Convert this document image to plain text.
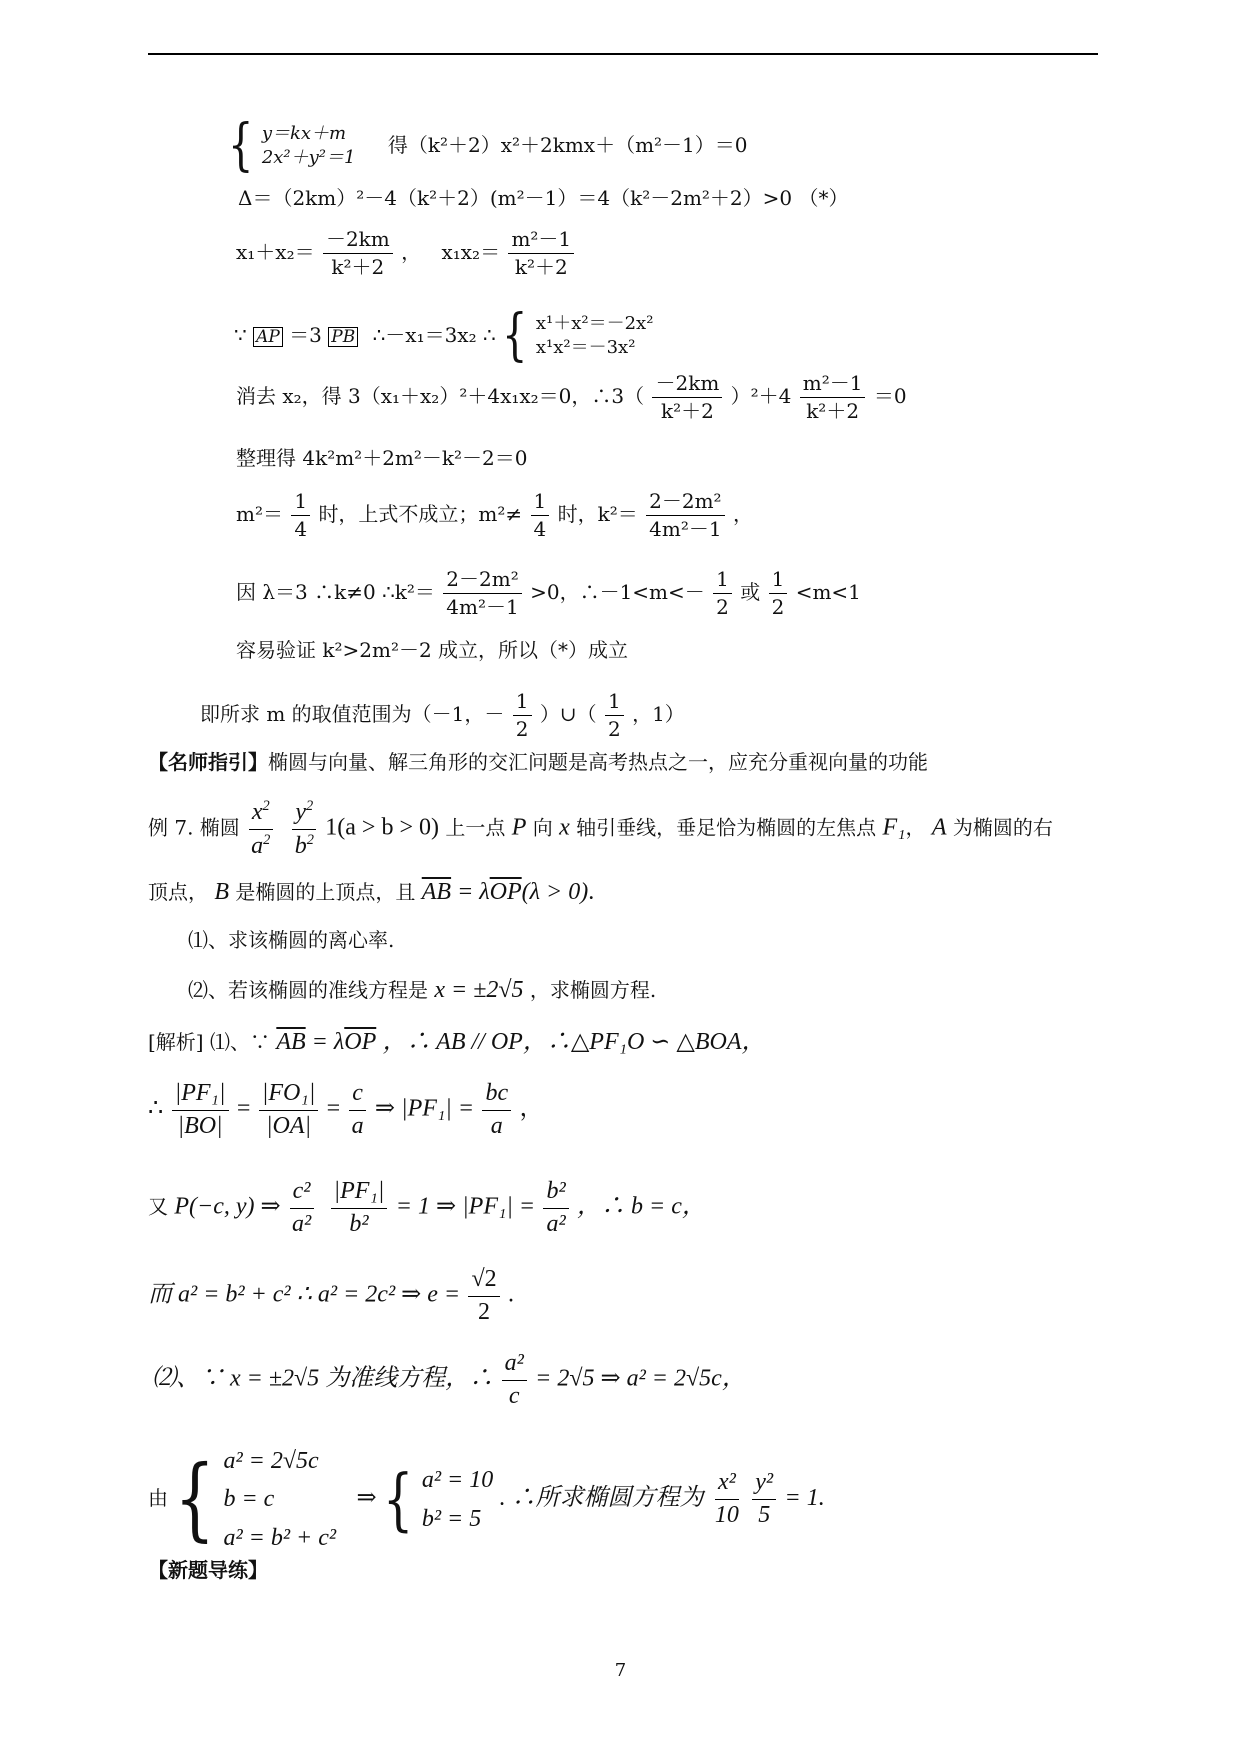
{ y＝kx＋m
2x²＋y²＝1
得（k²＋2）x²＋2kmx＋（m²－1）＝0
Δ＝（2km）²－4（k²＋2）(m²－1）＝4（k²－2m²＋2）>0 （*）
$x_1+x_2= \frac{-2km}{\text{k²＋2}}$ ， $x_1x_2= \frac{\text{m²－1}}{\text{k²＋2}}$
∵ AP ＝3 PB ∴－x₁＝3x₂ ∴ { x¹＋x²＝－2x²
x¹x²＝－3x²
消去 x₂，得 3（x₁＋x₂）²＋4x₁x₂＝0，∴3（ $\frac{-2km}{\text{k²＋2}} )^2+4 \frac{\text{m²－1}}{\text{k²＋2}} =0$
整理得 4k²m²＋2m²－k²－2＝0
$m^2= \frac{1}{4}$ 时，上式不成立；$m^2\ne \frac{1}{4}$ 时，$k^2= \frac{\text{2－2m²}}{\text{4m²－1}}$ ，
因 λ＝3 ∴k≠0 ∴k²＝ $\frac{\text{2－2m²}}{\text{4m²－1}} >0$，∴－1<m<－ $\frac{1}{2}$ 或 $\frac{1}{2} <m<1$
容易验证 k²>2m²－2 成立，所以（*）成立
即所求 m 的取值范围为（－1，－ $\frac{1}{2}$ ）∪（ $\frac{1}{2}$ ，1）
【名师指引】椭圆与向量、解三角形的交汇问题是高考热点之一，应充分重视向量的功能
例 7. 椭圆 $\frac{x^2}{a^2}$
$\frac{y^2}{b^2} 1(a > b > 0)$ 上一点 P 向 x 轴引垂线，垂足恰为椭圆的左焦点 F₁， A 为椭圆的右
顶点， B 是椭圆的上顶点，且 $\overline{AB} = \lambda\overline{OP}(\lambda > 0)$.
⑴、求该椭圆的离心率.
⑵、若该椭圆的准线方程是 x = ±2√5 ，求椭圆方程.
[解析] ⑴、∵ $\overline{AB} = \lambda\overline{OP}$ ，∴ AB // OP，∴△PF₁O ∽ △BOA，
∴ $\frac{\text{|PF₁|}}{|BO|} = \frac{\text{|FO₁|}}{|OA|} = \frac{c}{a}$ ⇒ $|PF_1| = \frac{bc}{a}$ ，
又 P(−c, y) ⇒ $\frac{\text{c²}}{\text{a²}}$
$\frac{\text{|PF₁|}}{\text{b²}} = 1$ ⇒ $|PF_1| = \frac{\text{b²}}{\text{a²}}$ ，∴ b = c，
而 a² = b² + c² ∴ a² = 2c² ⇒ $e = \frac{√2}{2}$ .
⑵、∵ x = ±2√5 为准线方程，∴ $\frac{\text{a²}}{c} = 2√5$ ⇒ a² = 2√5c，
由 { a² = 2√5c
b = c
a² = b² + c²
⇒ { a² = 10
b² = 5
. ∴所求椭圆方程为 $\frac{\text{x²}}{10}$
$\frac{\text{y²}}{5} = 1$.
【新题导练】
7
